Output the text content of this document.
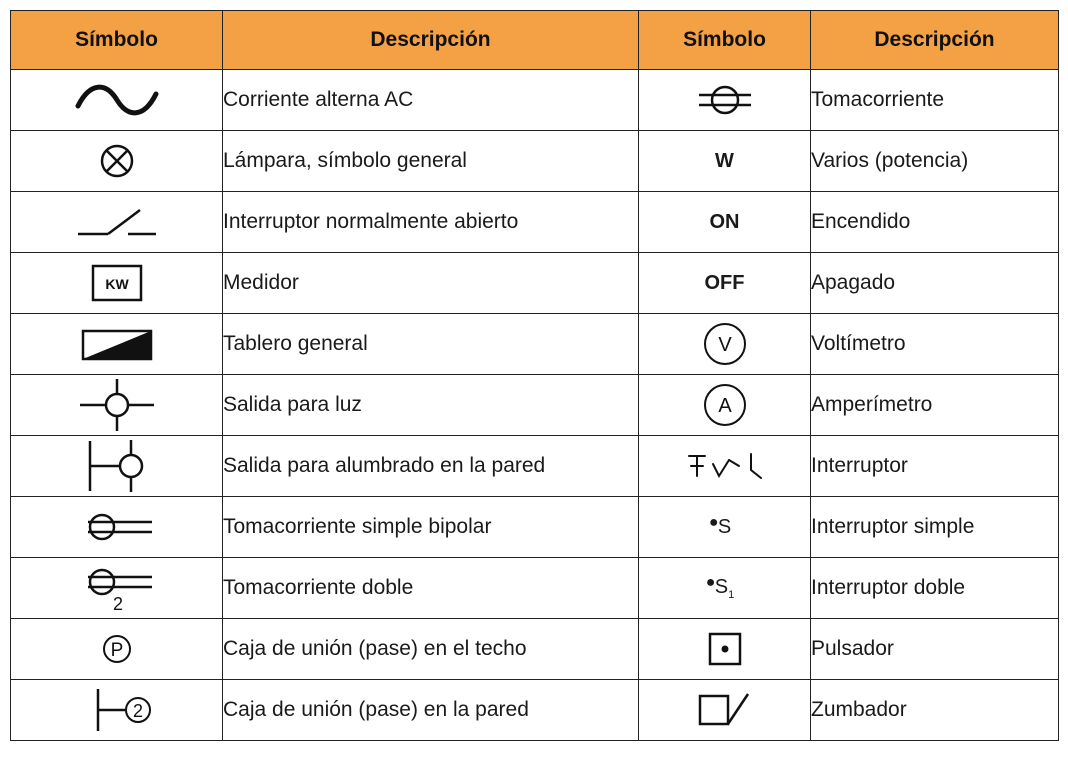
Símbolo	Descripción	Símbolo	Descripción

	Corriente alterna AC		Tomacorriente

	Lámpara, símbolo general	W	Varios (potencia)

	Interruptor normalmente abierto	ON	Encendido

KW	Medidor	OFF	Apagado

	Tablero general	V	Voltímetro

	Salida para luz	A	Amperímetro

	Salida para alumbrado en la pared		Interruptor

	Tomacorriente simple bipolar	● S	Interruptor simple

2	Tomacorriente doble	● $S_1$	Interruptor doble

P	Caja de unión (pase) en el techo		Pulsador

2	Caja de unión (pase) en la pared		Zumbador
